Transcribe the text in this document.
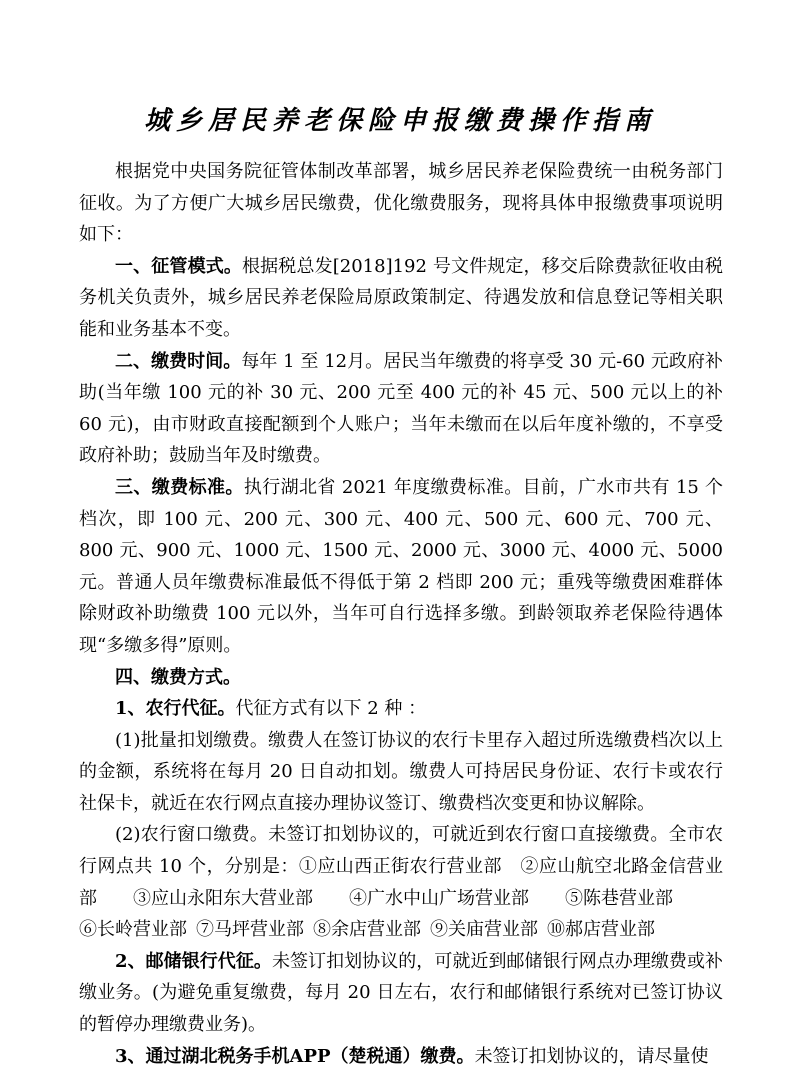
城乡居民养老保险申报缴费操作指南

根据党中央国务院征管体制改革部署，城乡居民养老保险费统一由税务部门征收。为了方便广大城乡居民缴费，优化缴费服务，现将具体申报缴费事项说明如下：

一、征管模式。根据税总发[2018]192 号文件规定，移交后除费款征收由税务机关负责外，城乡居民养老保险局原政策制定、待遇发放和信息登记等相关职能和业务基本不变。

二、缴费时间。每年 1 至 12月。居民当年缴费的将享受 30 元-60 元政府补助(当年缴 100 元的补 30 元、200 元至 400 元的补 45 元、500 元以上的补 60 元)，由市财政直接配额到个人账户；当年未缴而在以后年度补缴的，不享受政府补助；鼓励当年及时缴费。

三、缴费标准。执行湖北省 2021 年度缴费标准。目前，广水市共有 15 个档次，即 100 元、200 元、300 元、400 元、500 元、600 元、700 元、800 元、900 元、1000 元、1500 元、2000 元、3000 元、4000 元、5000 元。普通人员年缴费标准最低不得低于第 2 档即 200 元；重残等缴费困难群体除财政补助缴费 100 元以外，当年可自行选择多缴。到龄领取养老保险待遇体现“多缴多得”原则。

四、缴费方式。

1、农行代征。代征方式有以下 2 种 ：

(1)批量扣划缴费。缴费人在签订协议的农行卡里存入超过所选缴费档次以上的金额，系统将在每月 20 日自动扣划。缴费人可持居民身份证、农行卡或农行社保卡，就近在农行网点直接办理协议签订、缴费档次变更和协议解除。

(2)农行窗口缴费。未签订扣划协议的，可就近到农行窗口直接缴费。全市农行网点共 10 个，分别是：①应山西正街农行营业部  ②应山航空北路金信营业部   ③应山永阳东大营业部   ④广水中山广场营业部   ⑤陈巷营业部

⑥长岭营业部  ⑦马坪营业部  ⑧余店营业部  ⑨关庙营业部  ⑩郝店营业部

2、邮储银行代征。未签订扣划协议的，可就近到邮储银行网点办理缴费或补缴业务。(为避免重复缴费，每月 20 日左右，农行和邮储银行系统对已签订协议的暂停办理缴费业务)。

3、通过湖北税务手机APP（楚税通）缴费。未签订扣划协议的，请尽量使
